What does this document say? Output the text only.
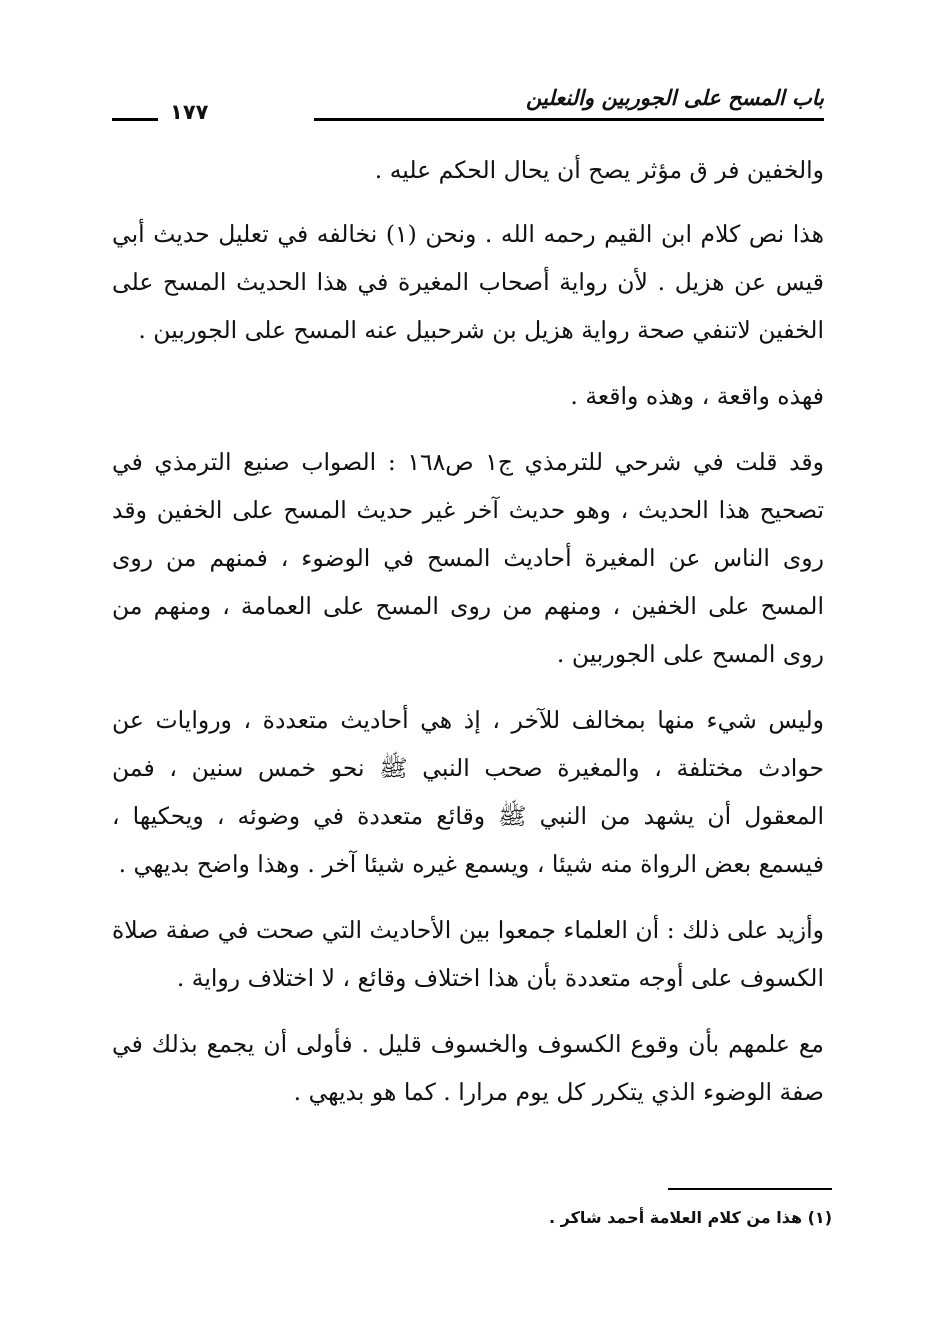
باب المسح على الجوربين والنعلين
١٧٧

والخفين فر ق مؤثر يصح أن يحال الحكم عليه .

هذا نص كلام ابن القيم رحمه الله . ونحن (١) نخالفه في تعليل حديث أبي قيس عن هزيل . لأن رواية أصحاب المغيرة في هذا الحديث المسح على الخفين لاتنفي صحة رواية هزيل بن شرحبيل عنه المسح على الجوربين .

فهذه واقعة ، وهذه واقعة .

وقد قلت في شرحي للترمذي ج١ ص١٦٨ : الصواب صنيع الترمذي في تصحيح هذا الحديث ، وهو حديث آخر غير حديث المسح على الخفين وقد روى الناس عن المغيرة أحاديث المسح في الوضوء ، فمنهم من روى المسح على الخفين ، ومنهم من روى المسح على العمامة ، ومنهم من روى المسح على الجوربين .

وليس شيء منها بمخالف للآخر ، إذ هي أحاديث متعددة ، وروايات عن حوادث مختلفة ، والمغيرة صحب النبي ﷺ نحو خمس سنين ، فمن المعقول أن يشهد من النبي ﷺ وقائع متعددة في وضوئه ، ويحكيها ، فيسمع بعض الرواة منه شيئا ، ويسمع غيره شيئا آخر . وهذا واضح بديهي .

وأزيد على ذلك : أن العلماء جمعوا بين الأحاديث التي صحت في صفة صلاة الكسوف على أوجه متعددة بأن هذا اختلاف وقائع ، لا اختلاف رواية .

مع علمهم بأن وقوع الكسوف والخسوف قليل . فأولى أن يجمع بذلك في صفة الوضوء الذي يتكرر كل يوم مرارا . كما هو بديهي .

(١) هذا من كلام العلامة أحمد شاكر .
